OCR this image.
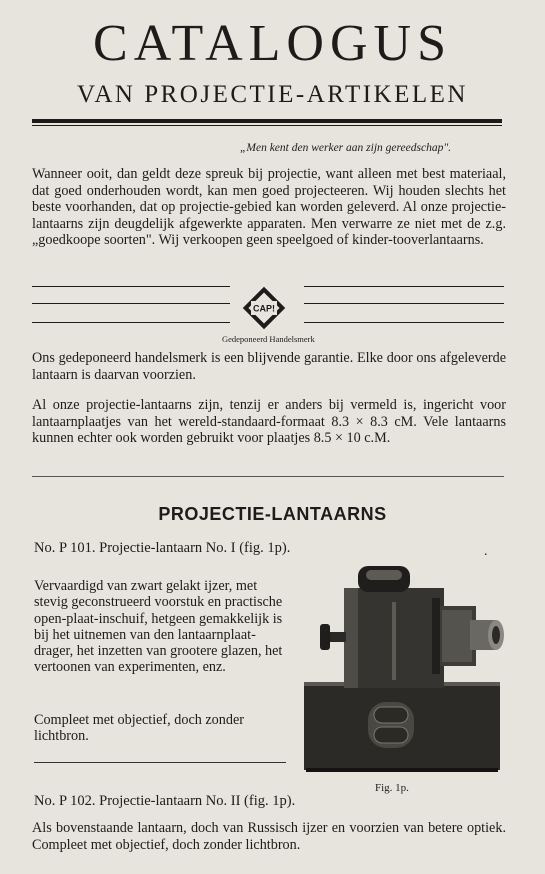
CATALOGUS
VAN PROJECTIE-ARTIKELEN
„Men kent den werker aan zijn gereedschap".
Wanneer ooit, dan geldt deze spreuk bij projectie, want alleen met best materiaal, dat goed onderhouden wordt, kan men goed projecteeren. Wij houden slechts het beste voorhanden, dat op projectie-gebied kan worden geleverd. Al onze projectie-lantaarns zijn deugdelijk afgewerkte apparaten. Men verwarre ze niet met de z.g. „goedkoope soorten". Wij verkoopen geen speelgoed of kinder-tooverlantaarns.
CAP!
Gedeponeerd Handelsmerk
Ons gedeponeerd handelsmerk is een blijvende garantie. Elke door ons afgeleverde lantaarn is daarvan voorzien.
Al onze projectie-lantaarns zijn, tenzij er anders bij vermeld is, ingericht voor lantaarnplaatjes van het wereld-standaard-formaat 8.3 × 8.3 cM. Vele lantaarns kunnen echter ook worden gebruikt voor plaatjes 8.5 × 10 c.M.
PROJECTIE-LANTAARNS
No. P 101. Projectie-lantaarn No. I (fig. 1p).	.
Vervaardigd van zwart gelakt ijzer, met stevig geconstrueerd voorstuk en practische open-plaat-inschuif, hetgeen gemakkelijk is bij het uitnemen van den lantaarnplaat-drager, het inzetten van grootere glazen, het vertoonen van experimenten, enz.
Compleet met objectief, doch zonder lichtbron.
Fig. 1p.
No. P 102. Projectie-lantaarn No. II (fig. 1p).
Als bovenstaande lantaarn, doch van Russisch ijzer en voorzien van betere optiek. Compleet met objectief, doch zonder lichtbron.
